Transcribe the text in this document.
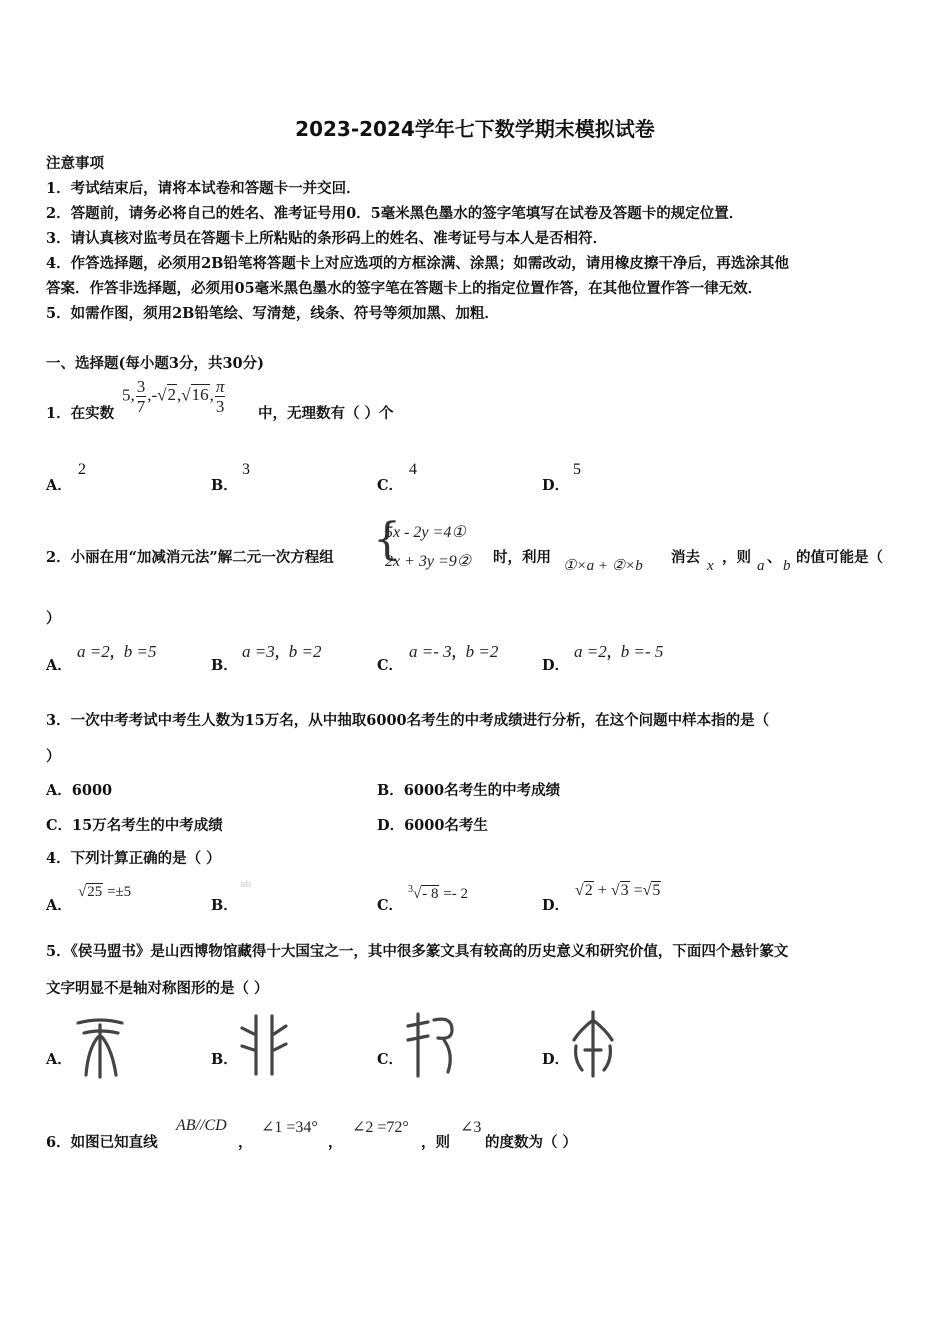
2023-2024学年七下数学期末模拟试卷
注意事项
1．考试结束后，请将本试卷和答题卡一并交回．
2．答题前，请务必将自己的姓名、准考证号用0．5毫米黑色墨水的签字笔填写在试卷及答题卡的规定位置．
3．请认真核对监考员在答题卡上所粘贴的条形码上的姓名、准考证号与本人是否相符．
4．作答选择题，必须用2B铅笔将答题卡上对应选项的方框涂满、涂黑；如需改动，请用橡皮擦干净后，再选涂其他
答案．作答非选择题，必须用05毫米黑色墨水的签字笔在答题卡上的指定位置作答，在其他位置作答一律无效．
5．如需作图，须用2B铅笔绘、写清楚，线条、符号等须加黑、加粗．
一、选择题(每小题3分，共30分)
1．在实数
5, $\frac{3}{7} ,-√2,√16$, $\frac{\pi}{3}$ 中，无理数有（ ）个
A．
2
B．
3
C．
4
D．
5
2．小丽在用“加减消元法”解二元一次方程组 {
5x - 2y =4①
2x + 3y =9② 时，利用 ①×a + ②×b 消去 x ，则 a 、 b 的值可能是（
）
A．
a =2，b =5
B．
a =3，b =2
C．
a =- 3，b =2
D．
a =2，b =- 5
3．一次中考考试中考生人数为15万名，从中抽取6000名考生的中考成绩进行分析，在这个问题中样本指的是（
）
A．6000	B．6000名考生的中考成绩
C．15万名考生的中考成绩	D．6000名考生
4．下列计算正确的是（ ）
A．
√25 =±5
B．
ab
C．
$^3$√- 8 =- 2
D．
√2 + √3 =√5
5．《侯马盟书》是山西博物馆藏得十大国宝之一，其中很多篆文具有较高的历史意义和研究价值，下面四个悬针篆文
文字明显不是轴对称图形的是（ ）
A．	B．	C．	D．
6．如图已知直线
AB//CD
，
∠1 =34°
，
∠2 =72°
，则
∠3
的度数为（ ）
